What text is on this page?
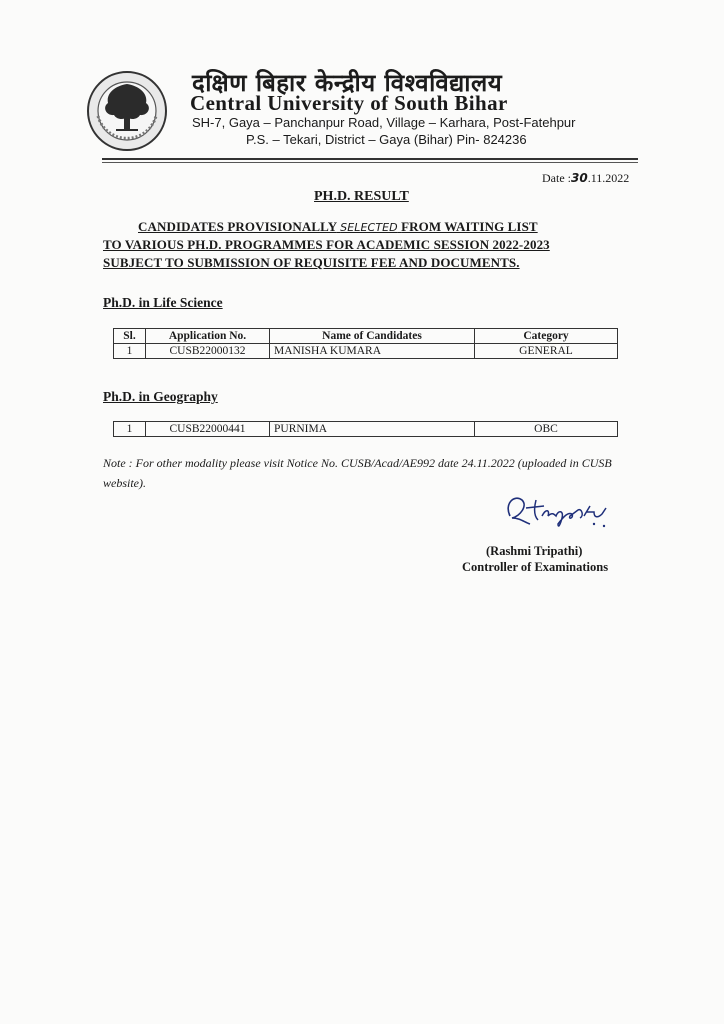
दक्षिण बिहार केन्द्रीय विश्वविद्यालय
Central University of South Bihar
SH-7, Gaya – Panchanpur Road, Village – Karhara, Post-Fatehpur
P.S. – Tekari, District – Gaya (Bihar) Pin- 824236
Date :30.11.2022
PH.D. RESULT
CANDIDATES PROVISIONALLY SELECTED FROM WAITING LIST
TO VARIOUS PH.D. PROGRAMMES FOR ACADEMIC SESSION 2022-2023
SUBJECT TO SUBMISSION OF REQUISITE FEE AND DOCUMENTS.
Ph.D. in Life Science
Sl.	Application No.	Name of Candidates	Category
1	CUSB22000132	MANISHA KUMARA	GENERAL
Ph.D. in Geography
1	CUSB22000441	PURNIMA	OBC
Note : For other modality please visit Notice No. CUSB/Acad/AE992 date 24.11.2022 (uploaded in CUSB website).
(Rashmi Tripathi)
Controller of Examinations
